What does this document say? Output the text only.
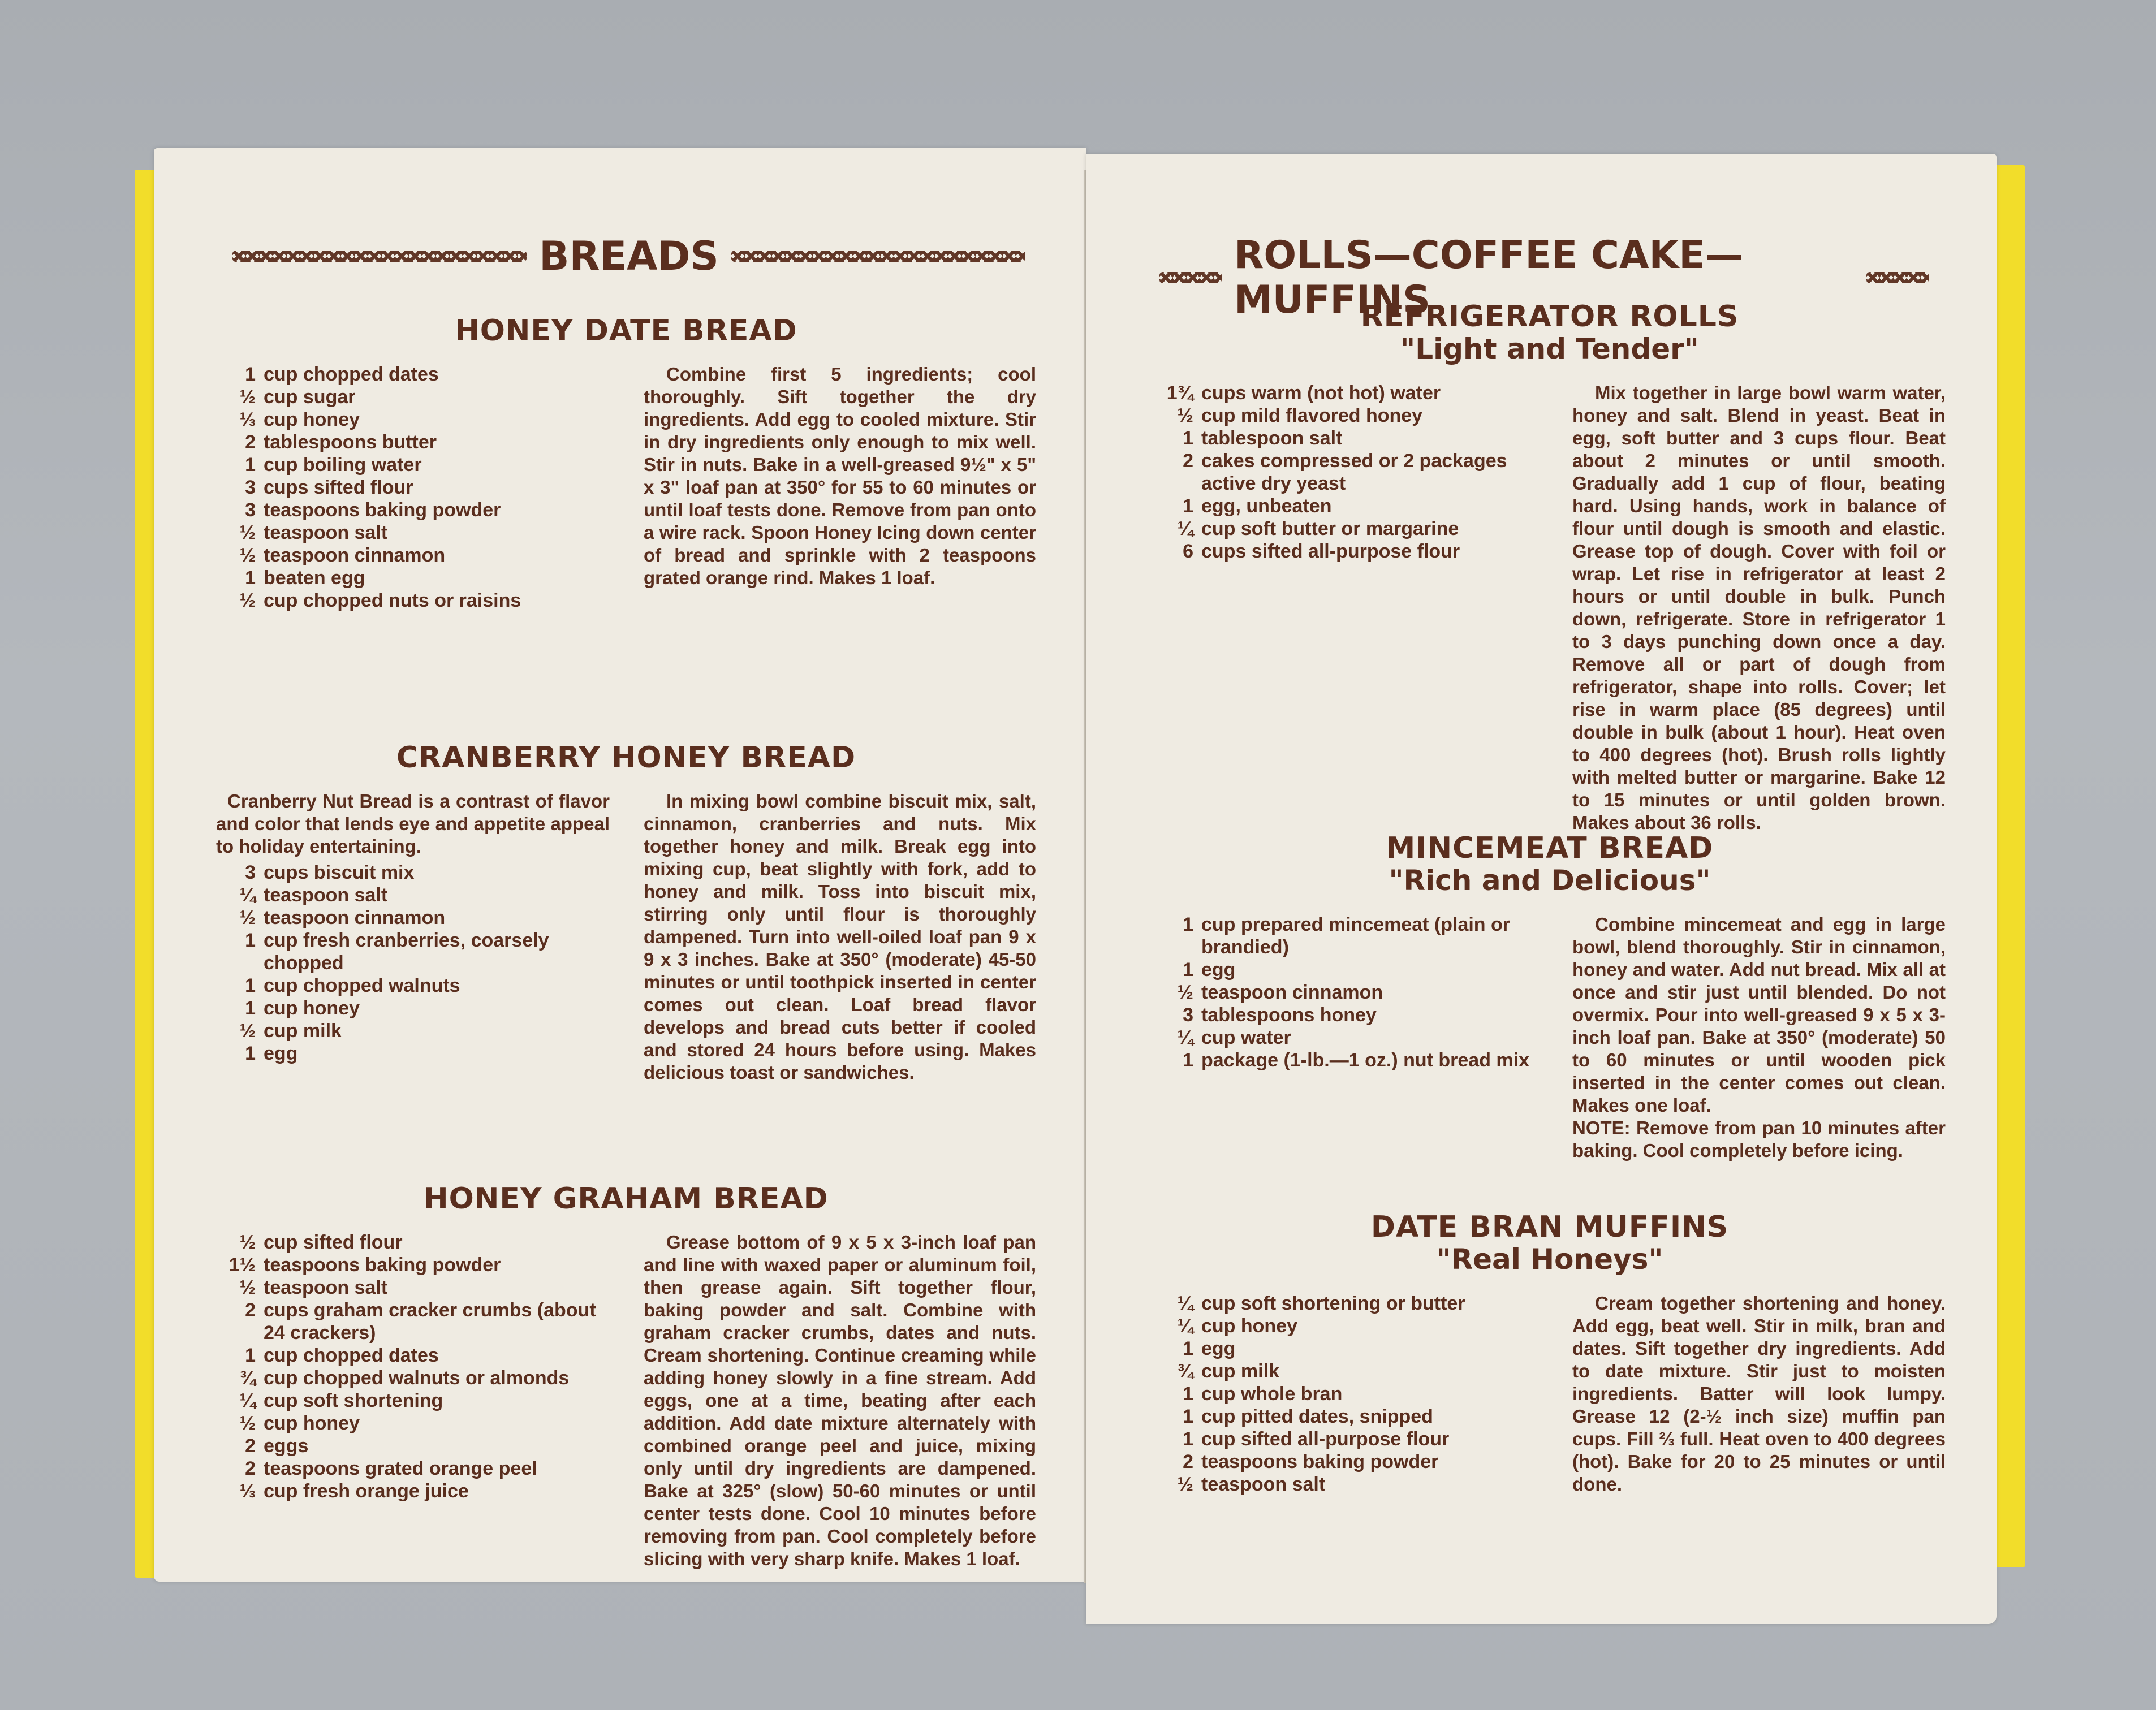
BREADS
HONEY DATE BREAD
1 cup chopped dates
½ cup sugar
⅓ cup honey
2 tablespoons butter
1 cup boiling water
3 cups sifted flour
3 teaspoons baking powder
½ teaspoon salt
½ teaspoon cinnamon
1 beaten egg
½ cup chopped nuts or raisins

Combine first 5 ingredients; cool thoroughly. Sift together the dry ingredients. Add egg to cooled mixture. Stir in dry ingredients only enough to mix well. Stir in nuts. Bake in a well-greased 9½" x 5" x 3" loaf pan at 350° for 55 to 60 minutes or until loaf tests done. Remove from pan onto a wire rack. Spoon Honey Icing down center of bread and sprinkle with 2 teaspoons grated orange rind. Makes 1 loaf.

CRANBERRY HONEY BREAD

Cranberry Nut Bread is a contrast of flavor and color that lends eye and appetite appeal to holiday entertaining.

3 cups biscuit mix
¼ teaspoon salt
½ teaspoon cinnamon
1 cup fresh cranberries, coarsely chopped
1 cup chopped walnuts
1 cup honey
½ cup milk
1 egg

In mixing bowl combine biscuit mix, salt, cinnamon, cranberries and nuts. Mix together honey and milk. Break egg into mixing cup, beat slightly with fork, add to honey and milk. Toss into biscuit mix, stirring only until flour is thoroughly dampened. Turn into well-oiled loaf pan 9 x 9 x 3 inches. Bake at 350° (moderate) 45-50 minutes or until toothpick inserted in center comes out clean. Loaf bread flavor develops and bread cuts better if cooled and stored 24 hours before using. Makes delicious toast or sandwiches.

HONEY GRAHAM BREAD
½ cup sifted flour
1½ teaspoons baking powder
½ teaspoon salt
2 cups graham cracker crumbs (about 24 crackers)
1 cup chopped dates
¾ cup chopped walnuts or almonds
¼ cup soft shortening
½ cup honey
2 eggs
2 teaspoons grated orange peel
⅓ cup fresh orange juice

Grease bottom of 9 x 5 x 3-inch loaf pan and line with waxed paper or aluminum foil, then grease again. Sift together flour, baking powder and salt. Combine with graham cracker crumbs, dates and nuts. Cream shortening. Continue creaming while adding honey slowly in a fine stream. Add eggs, one at a time, beating after each addition. Add date mixture alternately with combined orange peel and juice, mixing only until dry ingredients are dampened. Bake at 325° (slow) 50-60 minutes or until center tests done. Cool 10 minutes before removing from pan. Cool completely before slicing with very sharp knife. Makes 1 loaf.

ROLLS—COFFEE CAKE—MUFFINS
REFRIGERATOR ROLLS
"Light and Tender"
1¾ cups warm (not hot) water
½ cup mild flavored honey
1 tablespoon salt
2 cakes compressed or 2 packages active dry yeast
1 egg, unbeaten
¼ cup soft butter or margarine
6 cups sifted all-purpose flour

Mix together in large bowl warm water, honey and salt. Blend in yeast. Beat in egg, soft butter and 3 cups flour. Beat about 2 minutes or until smooth. Gradually add 1 cup of flour, beating hard. Using hands, work in balance of flour until dough is smooth and elastic. Grease top of dough. Cover with foil or wrap. Let rise in refrigerator at least 2 hours or until double in bulk. Punch down, refrigerate. Store in refrigerator 1 to 3 days punching down once a day. Remove all or part of dough from refrigerator, shape into rolls. Cover; let rise in warm place (85 degrees) until double in bulk (about 1 hour). Heat oven to 400 degrees (hot). Brush rolls lightly with melted butter or margarine. Bake 12 to 15 minutes or until golden brown. Makes about 36 rolls.

MINCEMEAT BREAD
"Rich and Delicious"
1 cup prepared mincemeat (plain or brandied)
1 egg
½ teaspoon cinnamon
3 tablespoons honey
¼ cup water
1 package (1-lb.—1 oz.) nut bread mix

Combine mincemeat and egg in large bowl, blend thoroughly. Stir in cinnamon, honey and water. Add nut bread. Mix all at once and stir just until blended. Do not overmix. Pour into well-greased 9 x 5 x 3-inch loaf pan. Bake at 350° (moderate) 50 to 60 minutes or until wooden pick inserted in the center comes out clean. Makes one loaf.

NOTE: Remove from pan 10 minutes after baking. Cool completely before icing.

DATE BRAN MUFFINS
"Real Honeys"
¼ cup soft shortening or butter
¼ cup honey
1 egg
¾ cup milk
1 cup whole bran
1 cup pitted dates, snipped
1 cup sifted all-purpose flour
2 teaspoons baking powder
½ teaspoon salt

Cream together shortening and honey. Add egg, beat well. Stir in milk, bran and dates. Sift together dry ingredients. Add to date mixture. Stir just to moisten ingredients. Batter will look lumpy. Grease 12 (2-½ inch size) muffin pan cups. Fill ⅔ full. Heat oven to 400 degrees (hot). Bake for 20 to 25 minutes or until done.
